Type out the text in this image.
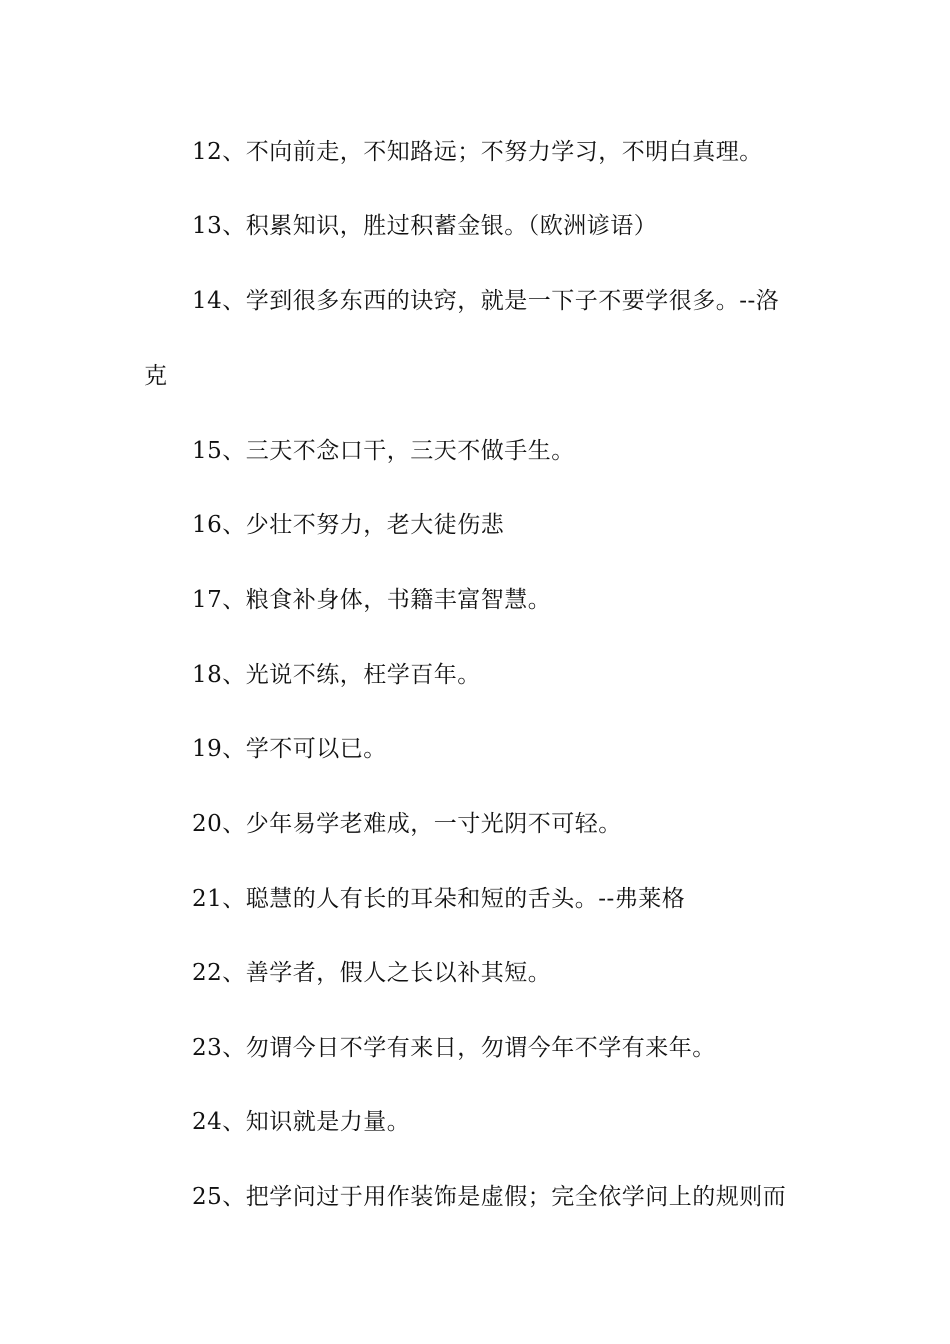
12、不向前走，不知路远；不努力学习，不明白真理。
13、积累知识，胜过积蓄金银。（欧洲谚语）
14、学到很多东西的诀窍，就是一下子不要学很多。--洛
克
15、三天不念口干，三天不做手生。
16、少壮不努力，老大徒伤悲
17、粮食补身体，书籍丰富智慧。
18、光说不练，枉学百年。
19、学不可以已。
20、少年易学老难成，一寸光阴不可轻。
21、聪慧的人有长的耳朵和短的舌头。--弗莱格
22、善学者，假人之长以补其短。
23、勿谓今日不学有来日，勿谓今年不学有来年。
24、知识就是力量。
25、把学问过于用作装饰是虚假；完全依学问上的规则而
